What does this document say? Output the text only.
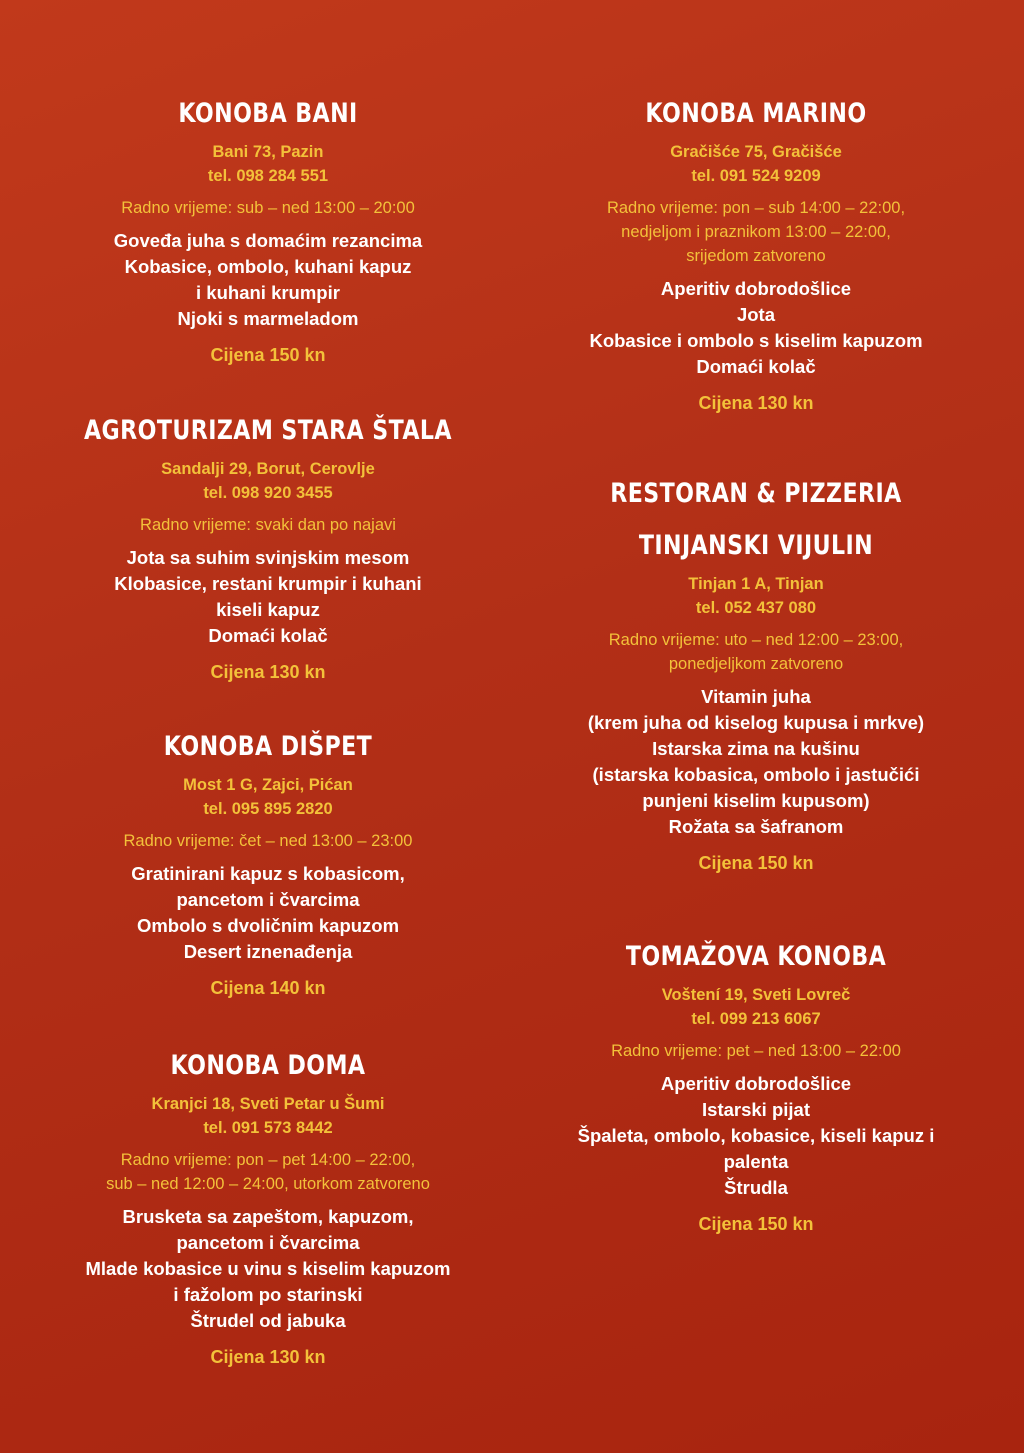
KONOBA BANI
Bani 73, Pazin
tel. 098 284 551
Radno vrijeme: sub – ned 13:00 – 20:00
Goveđa juha s domaćim rezancima
Kobasice, ombolo, kuhani kapuz
i kuhani krumpir
Njoki s marmeladom
Cijena 150 kn
AGROTURIZAM STARA ŠTALA
Sandalji 29, Borut, Cerovlje
tel. 098 920 3455
Radno vrijeme: svaki dan po najavi
Jota sa suhim svinjskim mesom
Klobasice, restani krumpir i kuhani
kiseli kapuz
Domaći kolač
Cijena 130 kn
KONOBA DIŠPET
Most 1 G, Zajci, Pićan
tel. 095 895 2820
Radno vrijeme: čet – ned 13:00 – 23:00
Gratinirani kapuz s kobasicom,
pancetom i čvarcima
Ombolo s dvoličnim kapuzom
Desert iznenađenja
Cijena 140 kn
KONOBA DOMA
Kranjci 18, Sveti Petar u Šumi
tel. 091 573 8442
Radno vrijeme: pon – pet 14:00 – 22:00,
sub – ned 12:00 – 24:00, utorkom zatvoreno
Brusketa sa zapeštom, kapuzom,
pancetom i čvarcima
Mlade kobasice u vinu s kiselim kapuzom
i fažolom po starinski
Štrudel od jabuka
Cijena 130 kn
KONOBA MARINO
Gračišće 75, Gračišće
tel. 091 524 9209
Radno vrijeme: pon – sub 14:00 – 22:00,
nedjeljom i praznikom 13:00 – 22:00,
srijedom zatvoreno
Aperitiv dobrodošlice
Jota
Kobasice i ombolo s kiselim kapuzom
Domaći kolač
Cijena 130 kn
RESTORAN & PIZZERIA
TINJANSKI VIJULIN
Tinjan 1 A, Tinjan
tel. 052 437 080
Radno vrijeme: uto – ned 12:00 – 23:00,
ponedjeljkom zatvoreno
Vitamin juha
(krem juha od kiselog kupusa i mrkve)
Istarska zima na kušinu
(istarska kobasica, ombolo i jastučići
punjeni kiselim kupusom)
Rožata sa šafranom
Cijena 150 kn
TOMAŽOVA KONOBA
Voštení 19, Sveti Lovreč
tel. 099 213 6067
Radno vrijeme: pet – ned 13:00 – 22:00
Aperitiv dobrodošlice
Istarski pijat
Špaleta, ombolo, kobasice, kiseli kapuz i
palenta
Štrudla
Cijena 150 kn
